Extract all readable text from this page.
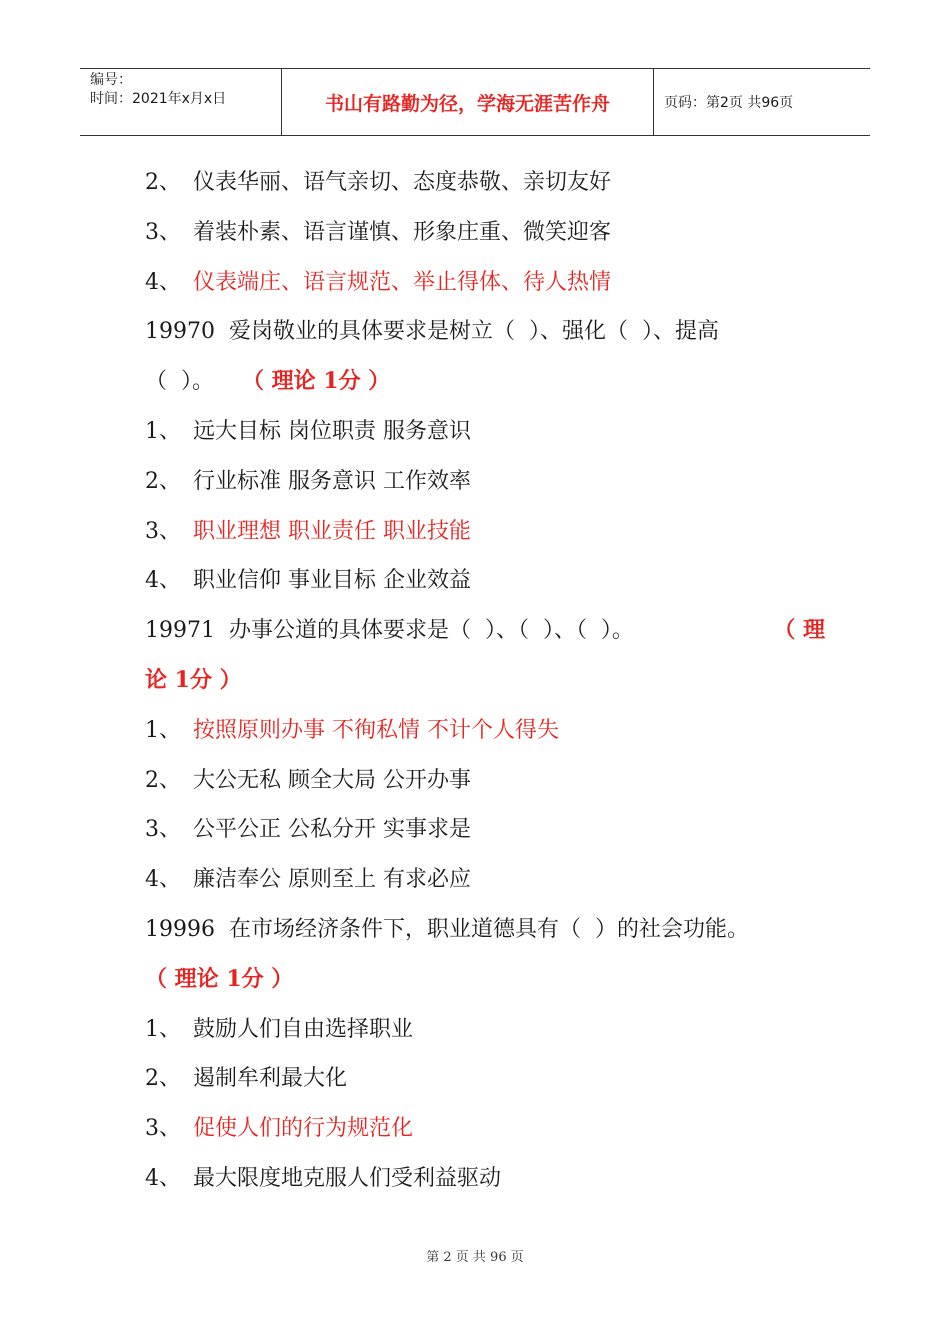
编号：
时间：2021年x月x日	书山有路勤为径，学海无涯苦作舟	页码：第2页 共96页
2、 仪表华丽、语气亲切、态度恭敬、亲切友好
3、 着装朴素、语言谨慎、形象庄重、微笑迎客
4、 仪表端庄、语言规范、举止得体、待人热情
19970  爱岗敬业的具体要求是树立（  ）、强化（  ）、提高
（  ）。    （ 理论 1分 ）
1、 远大目标 岗位职责 服务意识
2、 行业标准 服务意识 工作效率
3、 职业理想 职业责任 职业技能
4、 职业信仰 事业目标 企业效益
19971  办事公道的具体要求是（  ）、（  ）、（  ）。	（ 理
论 1分 ）
1、 按照原则办事 不徇私情 不计个人得失
2、 大公无私 顾全大局 公开办事
3、 公平公正 公私分开 实事求是
4、 廉洁奉公 原则至上 有求必应
19996  在市场经济条件下，职业道德具有（  ）的社会功能。
（ 理论 1分 ）
1、 鼓励人们自由选择职业
2、 遏制牟利最大化
3、 促使人们的行为规范化
4、 最大限度地克服人们受利益驱动
第 2 页 共 96 页
